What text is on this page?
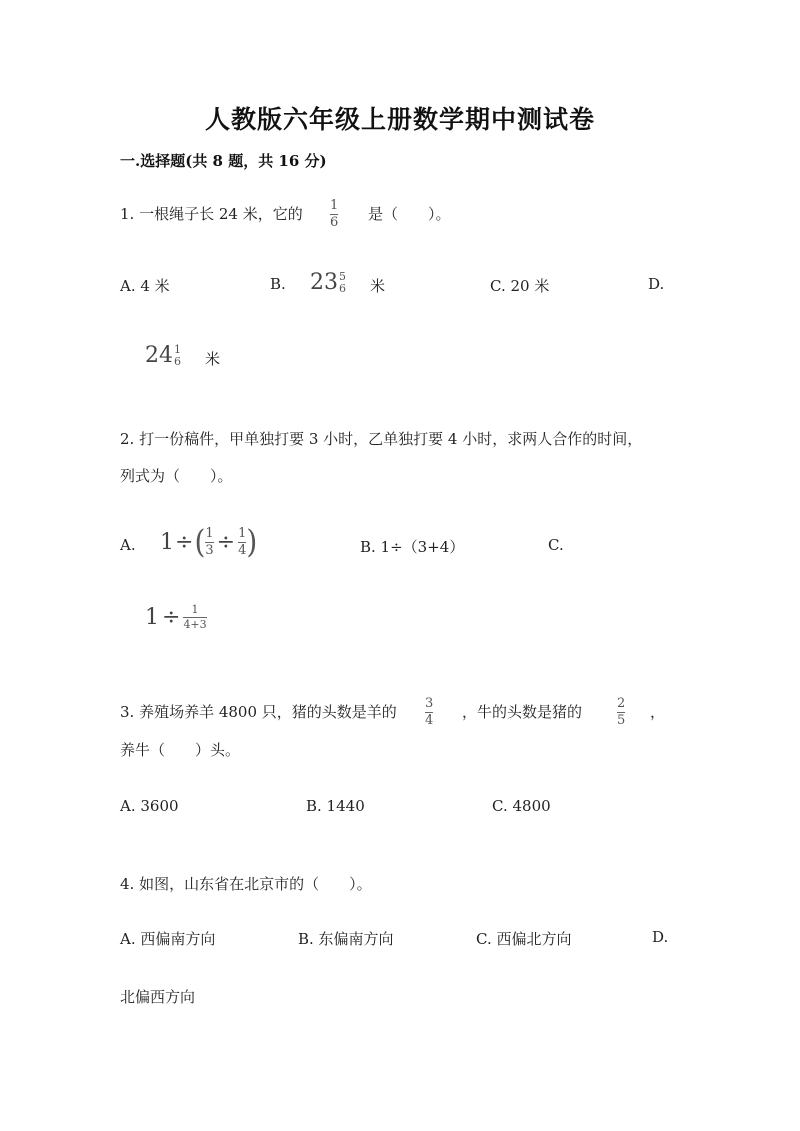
人教版六年级上册数学期中测试卷
一.选择题(共 8 题，共 16 分)
1. 一根绳子长 24 米，它的 1
6 是（　　）。
A. 4 米	B. 23 5
6 米	C. 20 米	D.
24 1
6 米
2. 打一份稿件，甲单独打要 3 小时，乙单独打要 4 小时，求两人合作的时间，
列式为（　　）。
A. 1 ÷ ( $\frac{1}{3} \div \frac{1}{4}$ )	B. 1÷（3+4）	C.
$1 \div \frac{1}{4+3}$
3. 养殖场养羊 4800 只，猪的头数是羊的 3
4 ，牛的头数是猪的	2
5 ，
养牛（　　）头。
A. 3600	B. 1440	C. 4800
4. 如图，山东省在北京市的（　　）。
A. 西偏南方向	B. 东偏南方向	C. 西偏北方向	D.
北偏西方向
